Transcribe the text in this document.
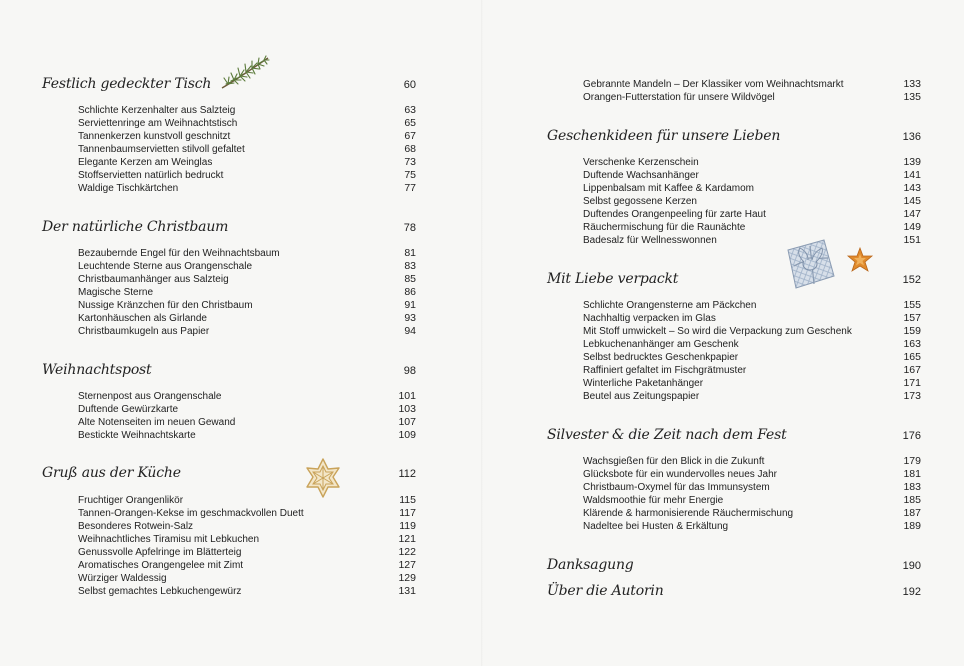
Festlich gedeckter Tisch	60
Schlichte Kerzenhalter aus Salzteig	63
Serviettenringe am Weihnachtstisch	65
Tannenkerzen kunstvoll geschnitzt	67
Tannenbaumservietten stilvoll gefaltet	68
Elegante Kerzen am Weinglas	73
Stoffservietten natürlich bedruckt	75
Waldige Tischkärtchen	77
Der natürliche Christbaum	78
Bezaubernde Engel für den Weihnachtsbaum	81
Leuchtende Sterne aus Orangenschale	83
Christbaumanhänger aus Salzteig	85
Magische Sterne	86
Nussige Kränzchen für den Christbaum	91
Kartonhäuschen als Girlande	93
Christbaumkugeln aus Papier	94
Weihnachtspost	98
Sternenpost aus Orangenschale	101
Duftende Gewürzkarte	103
Alte Notenseiten im neuen Gewand	107
Bestickte Weihnachtskarte	109
Gruß aus der Küche	112
Fruchtiger Orangenlikör	115
Tannen-Orangen-Kekse im geschmackvollen Duett	117
Besonderes Rotwein-Salz	119
Weihnachtliches Tiramisu mit Lebkuchen	121
Genussvolle Apfelringe im Blätterteig	122
Aromatisches Orangengelee mit Zimt	127
Würziger Waldessig	129
Selbst gemachtes Lebkuchengewürz	131
Gebrannte Mandeln – Der Klassiker vom Weihnachtsmarkt	133
Orangen-Futterstation für unsere Wildvögel	135
Geschenkideen für unsere Lieben	136
Verschenke Kerzenschein	139
Duftende Wachsanhänger	141
Lippenbalsam mit Kaffee & Kardamom	143
Selbst gegossene Kerzen	145
Duftendes Orangenpeeling für zarte Haut	147
Räuchermischung für die Raunächte	149
Badesalz für Wellnesswonnen	151
Mit Liebe verpackt	152
Schlichte Orangensterne am Päckchen	155
Nachhaltig verpacken im Glas	157
Mit Stoff umwickelt – So wird die Verpackung zum Geschenk	159
Lebkuchenanhänger am Geschenk	163
Selbst bedrucktes Geschenkpapier	165
Raffiniert gefaltet im Fischgrätmuster	167
Winterliche Paketanhänger	171
Beutel aus Zeitungspapier	173
Silvester & die Zeit nach dem Fest	176
Wachsgießen für den Blick in die Zukunft	179
Glücksbote für ein wundervolles neues Jahr	181
Christbaum-Oxymel für das Immunsystem	183
Waldsmoothie für mehr Energie	185
Klärende & harmonisierende Räuchermischung	187
Nadeltee bei Husten & Erkältung	189
Danksagung	190
Über die Autorin	192
